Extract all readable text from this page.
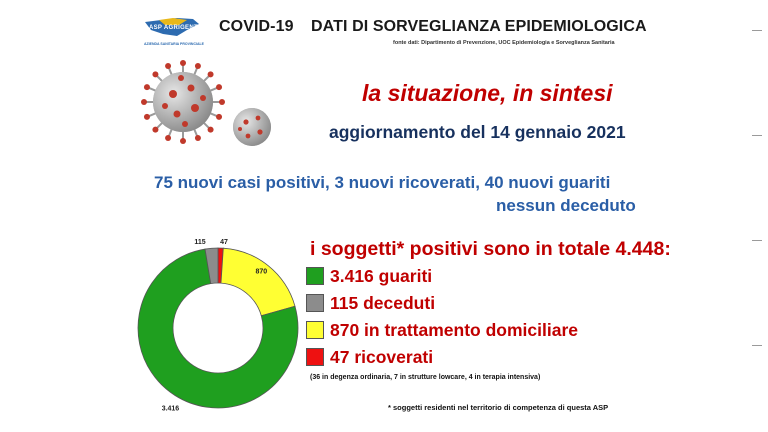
ASP AGRIGENTO
AZIENDA SANITARIA PROVINCIALE
COVID-19 DATI DI SORVEGLIANZA EPIDEMIOLOGICA
fonte dati: Dipartimento di Prevenzione, UOC Epidemiologia e Sorveglianza Sanitaria
la situazione, in sintesi
aggiornamento del 14 gennaio 2021
75 nuovi casi positivi, 3 nuovi ricoverati, 40 nuovi guariti
nessun deceduto
47
870
3.416
115	i soggetti* positivi sono in totale 4.448:
3.416 guariti
115 deceduti
870 in trattamento domiciliare
47 ricoverati
(36 in degenza ordinaria, 7 in strutture lowcare, 4 in terapia intensiva)
* soggetti residenti nel territorio di competenza di questa ASP
